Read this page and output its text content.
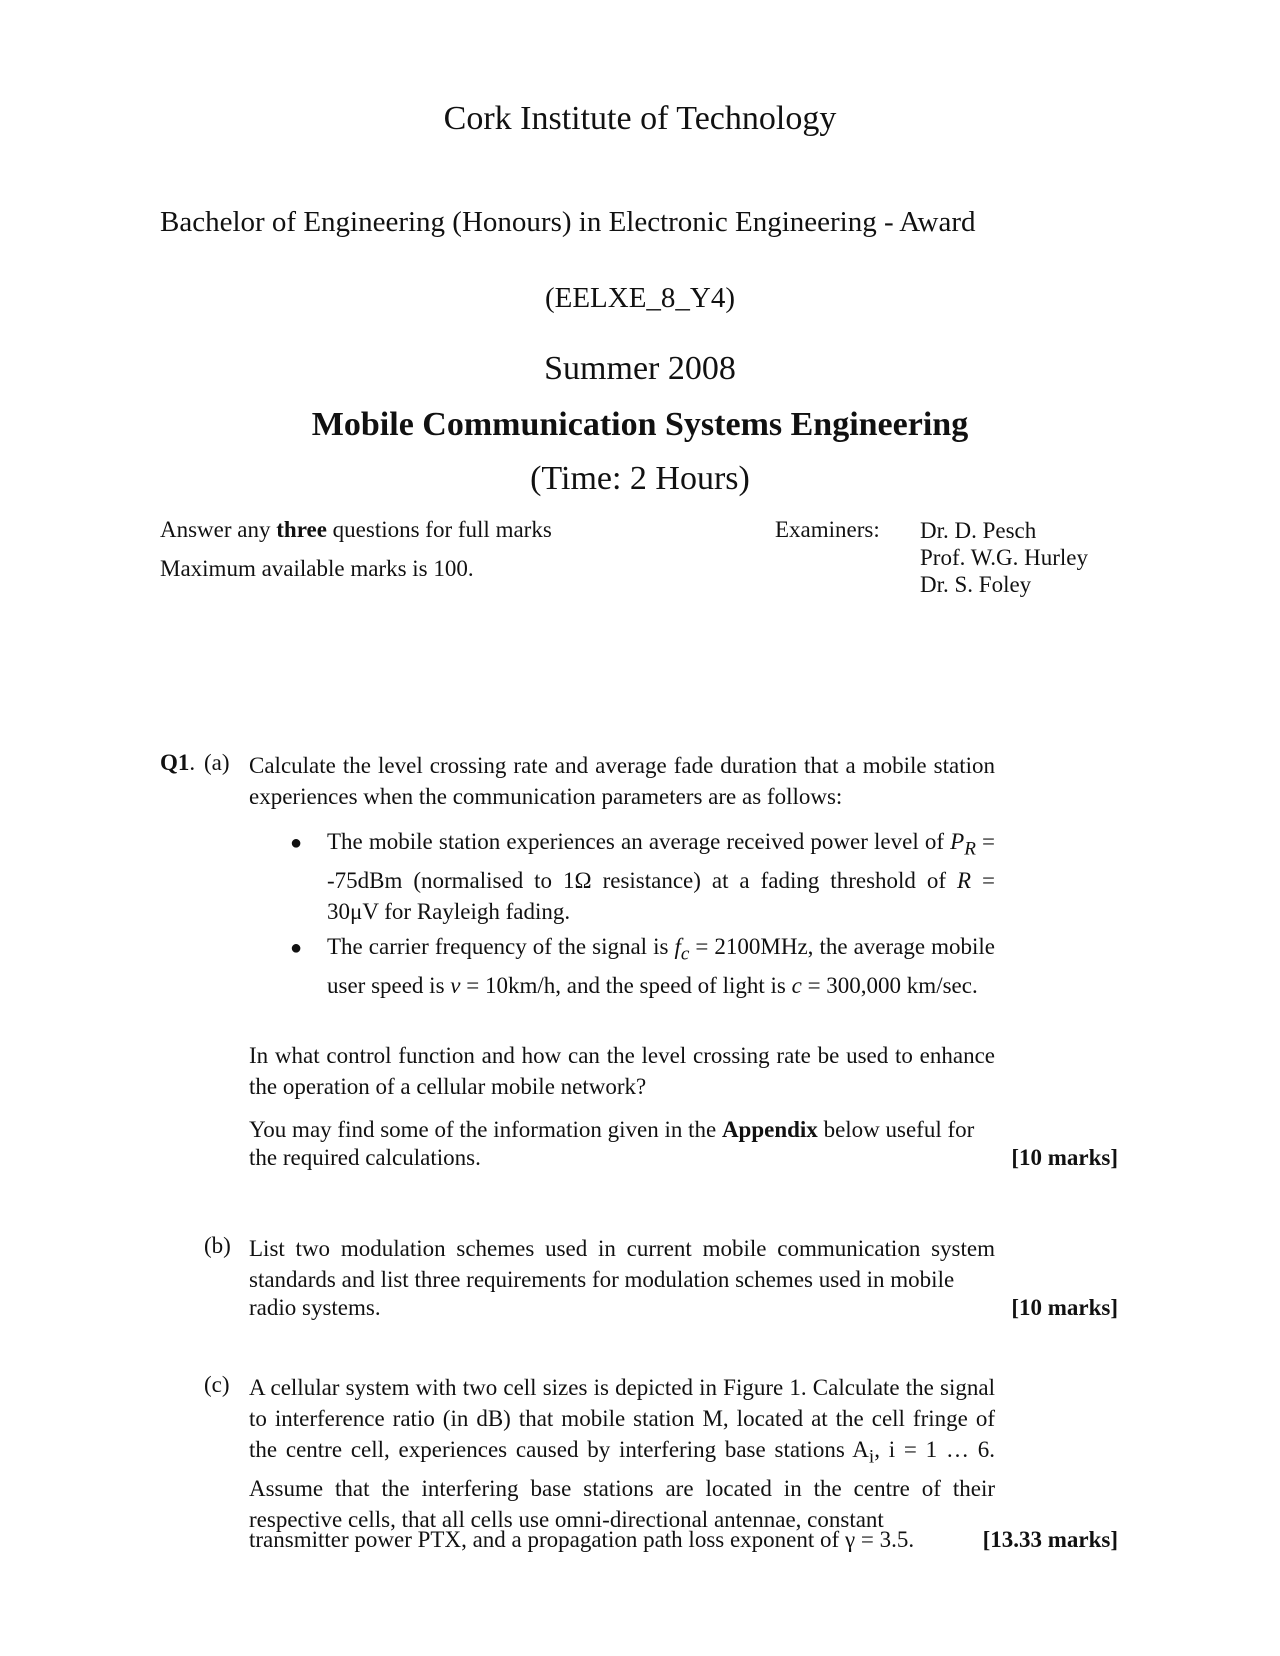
Cork Institute of Technology
Bachelor of Engineering (Honours) in Electronic Engineering - Award
(EELXE_8_Y4)
Summer 2008
Mobile Communication Systems Engineering
(Time: 2 Hours)
Answer any three questions for full marks
Maximum available marks is 100.
Examiners: Dr. D. Pesch
Prof. W.G. Hurley
Dr. S. Foley
Q1. (a) Calculate the level crossing rate and average fade duration that a mobile station experiences when the communication parameters are as follows:

● The mobile station experiences an average received power level of $P_R = -75dBm$ (normalised to 1Ω resistance) at a fading threshold of R = 30μV for Rayleigh fading.

● The carrier frequency of the signal is $f_c = 2100MHz$, the average mobile user speed is v = 10km/h, and the speed of light is c = 300,000 km/sec.

In what control function and how can the level crossing rate be used to enhance the operation of a cellular mobile network?

You may find some of the information given in the Appendix below useful for

the required calculations.	[10 marks]
(b) List two modulation schemes used in current mobile communication system standards and list three requirements for modulation schemes used in mobile

radio systems.	[10 marks]
(c) A cellular system with two cell sizes is depicted in Figure 1. Calculate the signal to interference ratio (in dB) that mobile station M, located at the cell fringe of the centre cell, experiences caused by interfering base stations $A_i$, i = 1 … 6. Assume that the interfering base stations are located in the centre of their respective cells, that all cells use omni-directional antennae, constant

transmitter power PTX, and a propagation path loss exponent of γ = 3.5.	[13.33 marks]
